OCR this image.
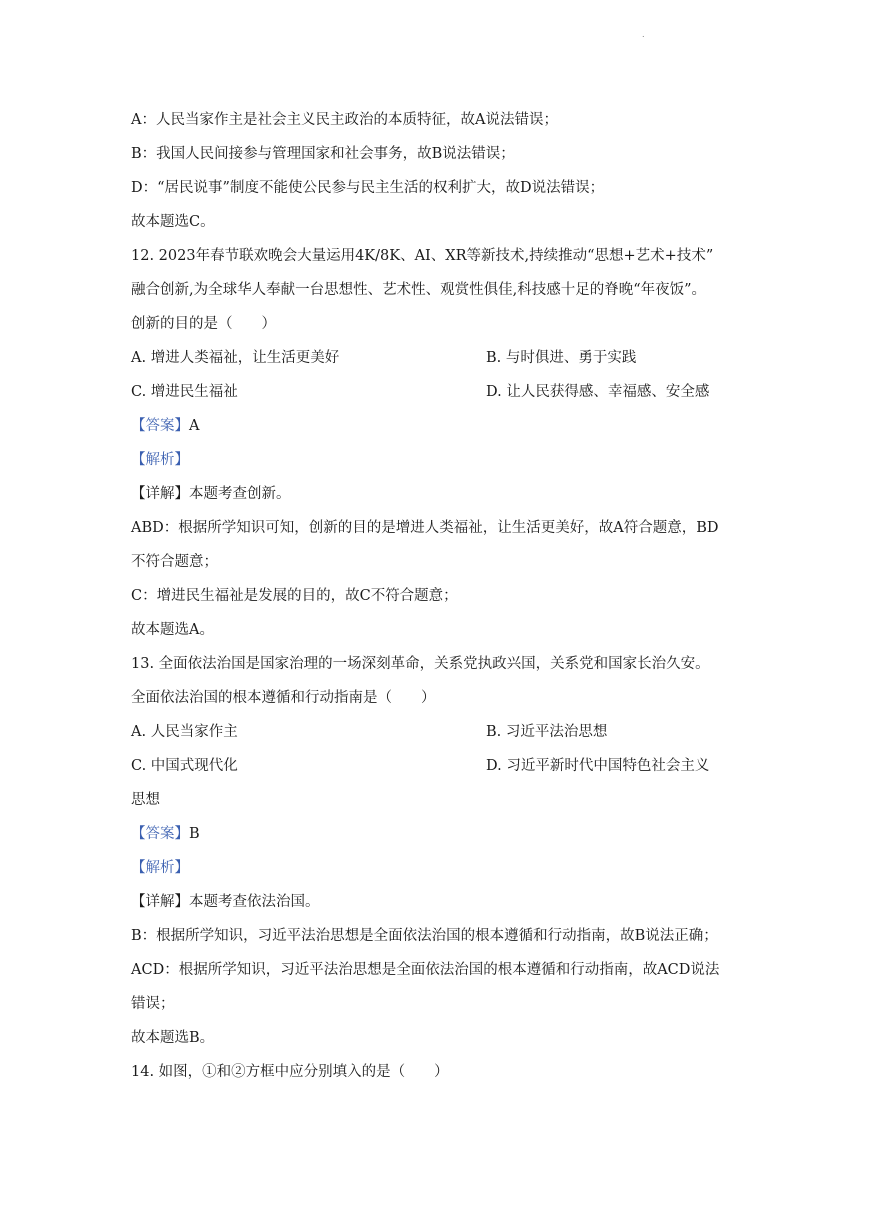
.
A：人民当家作主是社会主义民主政治的本质特征，故A说法错误；
B：我国人民间接参与管理国家和社会事务，故B说法错误；
D：“居民说事”制度不能使公民参与民主生活的权利扩大，故D说法错误；
故本题选C。
12. 2023年春节联欢晚会大量运用4K/8K、AI、XR等新技术,持续推动“思想+艺术+技术”
融合创新,为全球华人奉献一台思想性、艺术性、观赏性俱佳,科技感十足的脊晚“年夜饭”。
创新的目的是（　　）
A. 增进人类福祉，让生活更美好	B. 与时俱进、勇于实践
C. 增进民生福祉	D. 让人民获得感、幸福感、安全感
【答案】A
【解析】
【详解】本题考查创新。
ABD：根据所学知识可知，创新的目的是增进人类福祉，让生活更美好，故A符合题意，BD
不符合题意；
C：增进民生福祉是发展的目的，故C不符合题意；
故本题选A。
13. 全面依法治国是国家治理的一场深刻革命，关系党执政兴国，关系党和国家长治久安。
全面依法治国的根本遵循和行动指南是（　　）
A. 人民当家作主	B. 习近平法治思想
C. 中国式现代化	D. 习近平新时代中国特色社会主义
思想
【答案】B
【解析】
【详解】本题考查依法治国。
B：根据所学知识，习近平法治思想是全面依法治国的根本遵循和行动指南，故B说法正确；
ACD：根据所学知识，习近平法治思想是全面依法治国的根本遵循和行动指南，故ACD说法
错误；
故本题选B。
14. 如图，①和②方框中应分别填入的是（　　）
